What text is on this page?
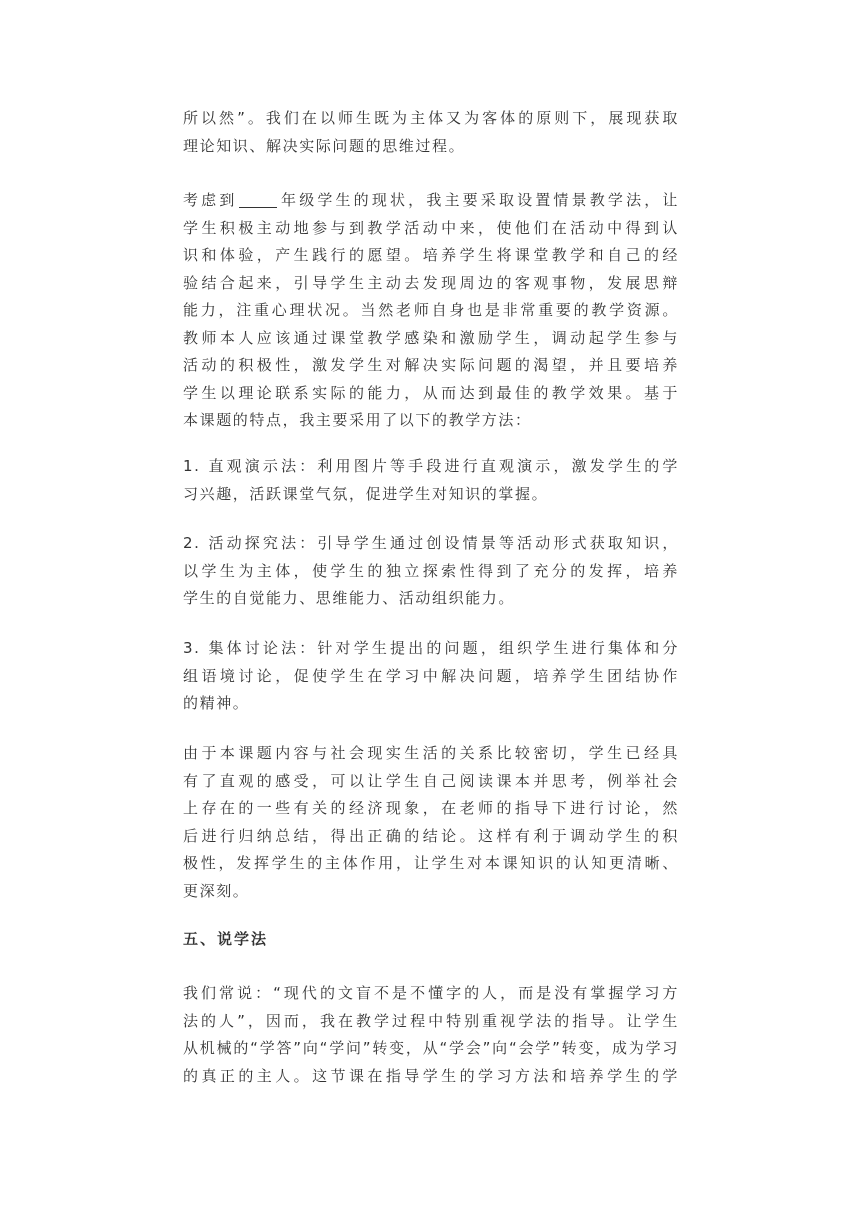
所以然”。我们在以师生既为主体又为客体的原则下，展现获取
理论知识、解决实际问题的思维过程。
考虑到	年级学生的现状，我主要采取设置情景教学法，让
学生积极主动地参与到教学活动中来，使他们在活动中得到认
识和体验，产生践行的愿望。培养学生将课堂教学和自己的经
验结合起来，引导学生主动去发现周边的客观事物，发展思辩
能力，注重心理状况。当然老师自身也是非常重要的教学资源。
教师本人应该通过课堂教学感染和激励学生，调动起学生参与
活动的积极性，激发学生对解决实际问题的渴望，并且要培养
学生以理论联系实际的能力，从而达到最佳的教学效果。基于
本课题的特点，我主要采用了以下的教学方法：
1. 直观演示法：利用图片等手段进行直观演示，激发学生的学
习兴趣，活跃课堂气氛，促进学生对知识的掌握。
2. 活动探究法：引导学生通过创设情景等活动形式获取知识，
以学生为主体，使学生的独立探索性得到了充分的发挥，培养
学生的自觉能力、思维能力、活动组织能力。
3. 集体讨论法：针对学生提出的问题，组织学生进行集体和分
组语境讨论，促使学生在学习中解决问题，培养学生团结协作
的精神。
由于本课题内容与社会现实生活的关系比较密切，学生已经具
有了直观的感受，可以让学生自己阅读课本并思考，例举社会
上存在的一些有关的经济现象，在老师的指导下进行讨论，然
后进行归纳总结，得出正确的结论。这样有利于调动学生的积
极性，发挥学生的主体作用，让学生对本课知识的认知更清晰、
更深刻。
五、说学法
我们常说：“现代的文盲不是不懂字的人，而是没有掌握学习方
法的人”，因而，我在教学过程中特别重视学法的指导。让学生
从机械的“学答”向“学问”转变，从“学会”向“会学”转变，成为学习
的真正的主人。这节课在指导学生的学习方法和培养学生的学
